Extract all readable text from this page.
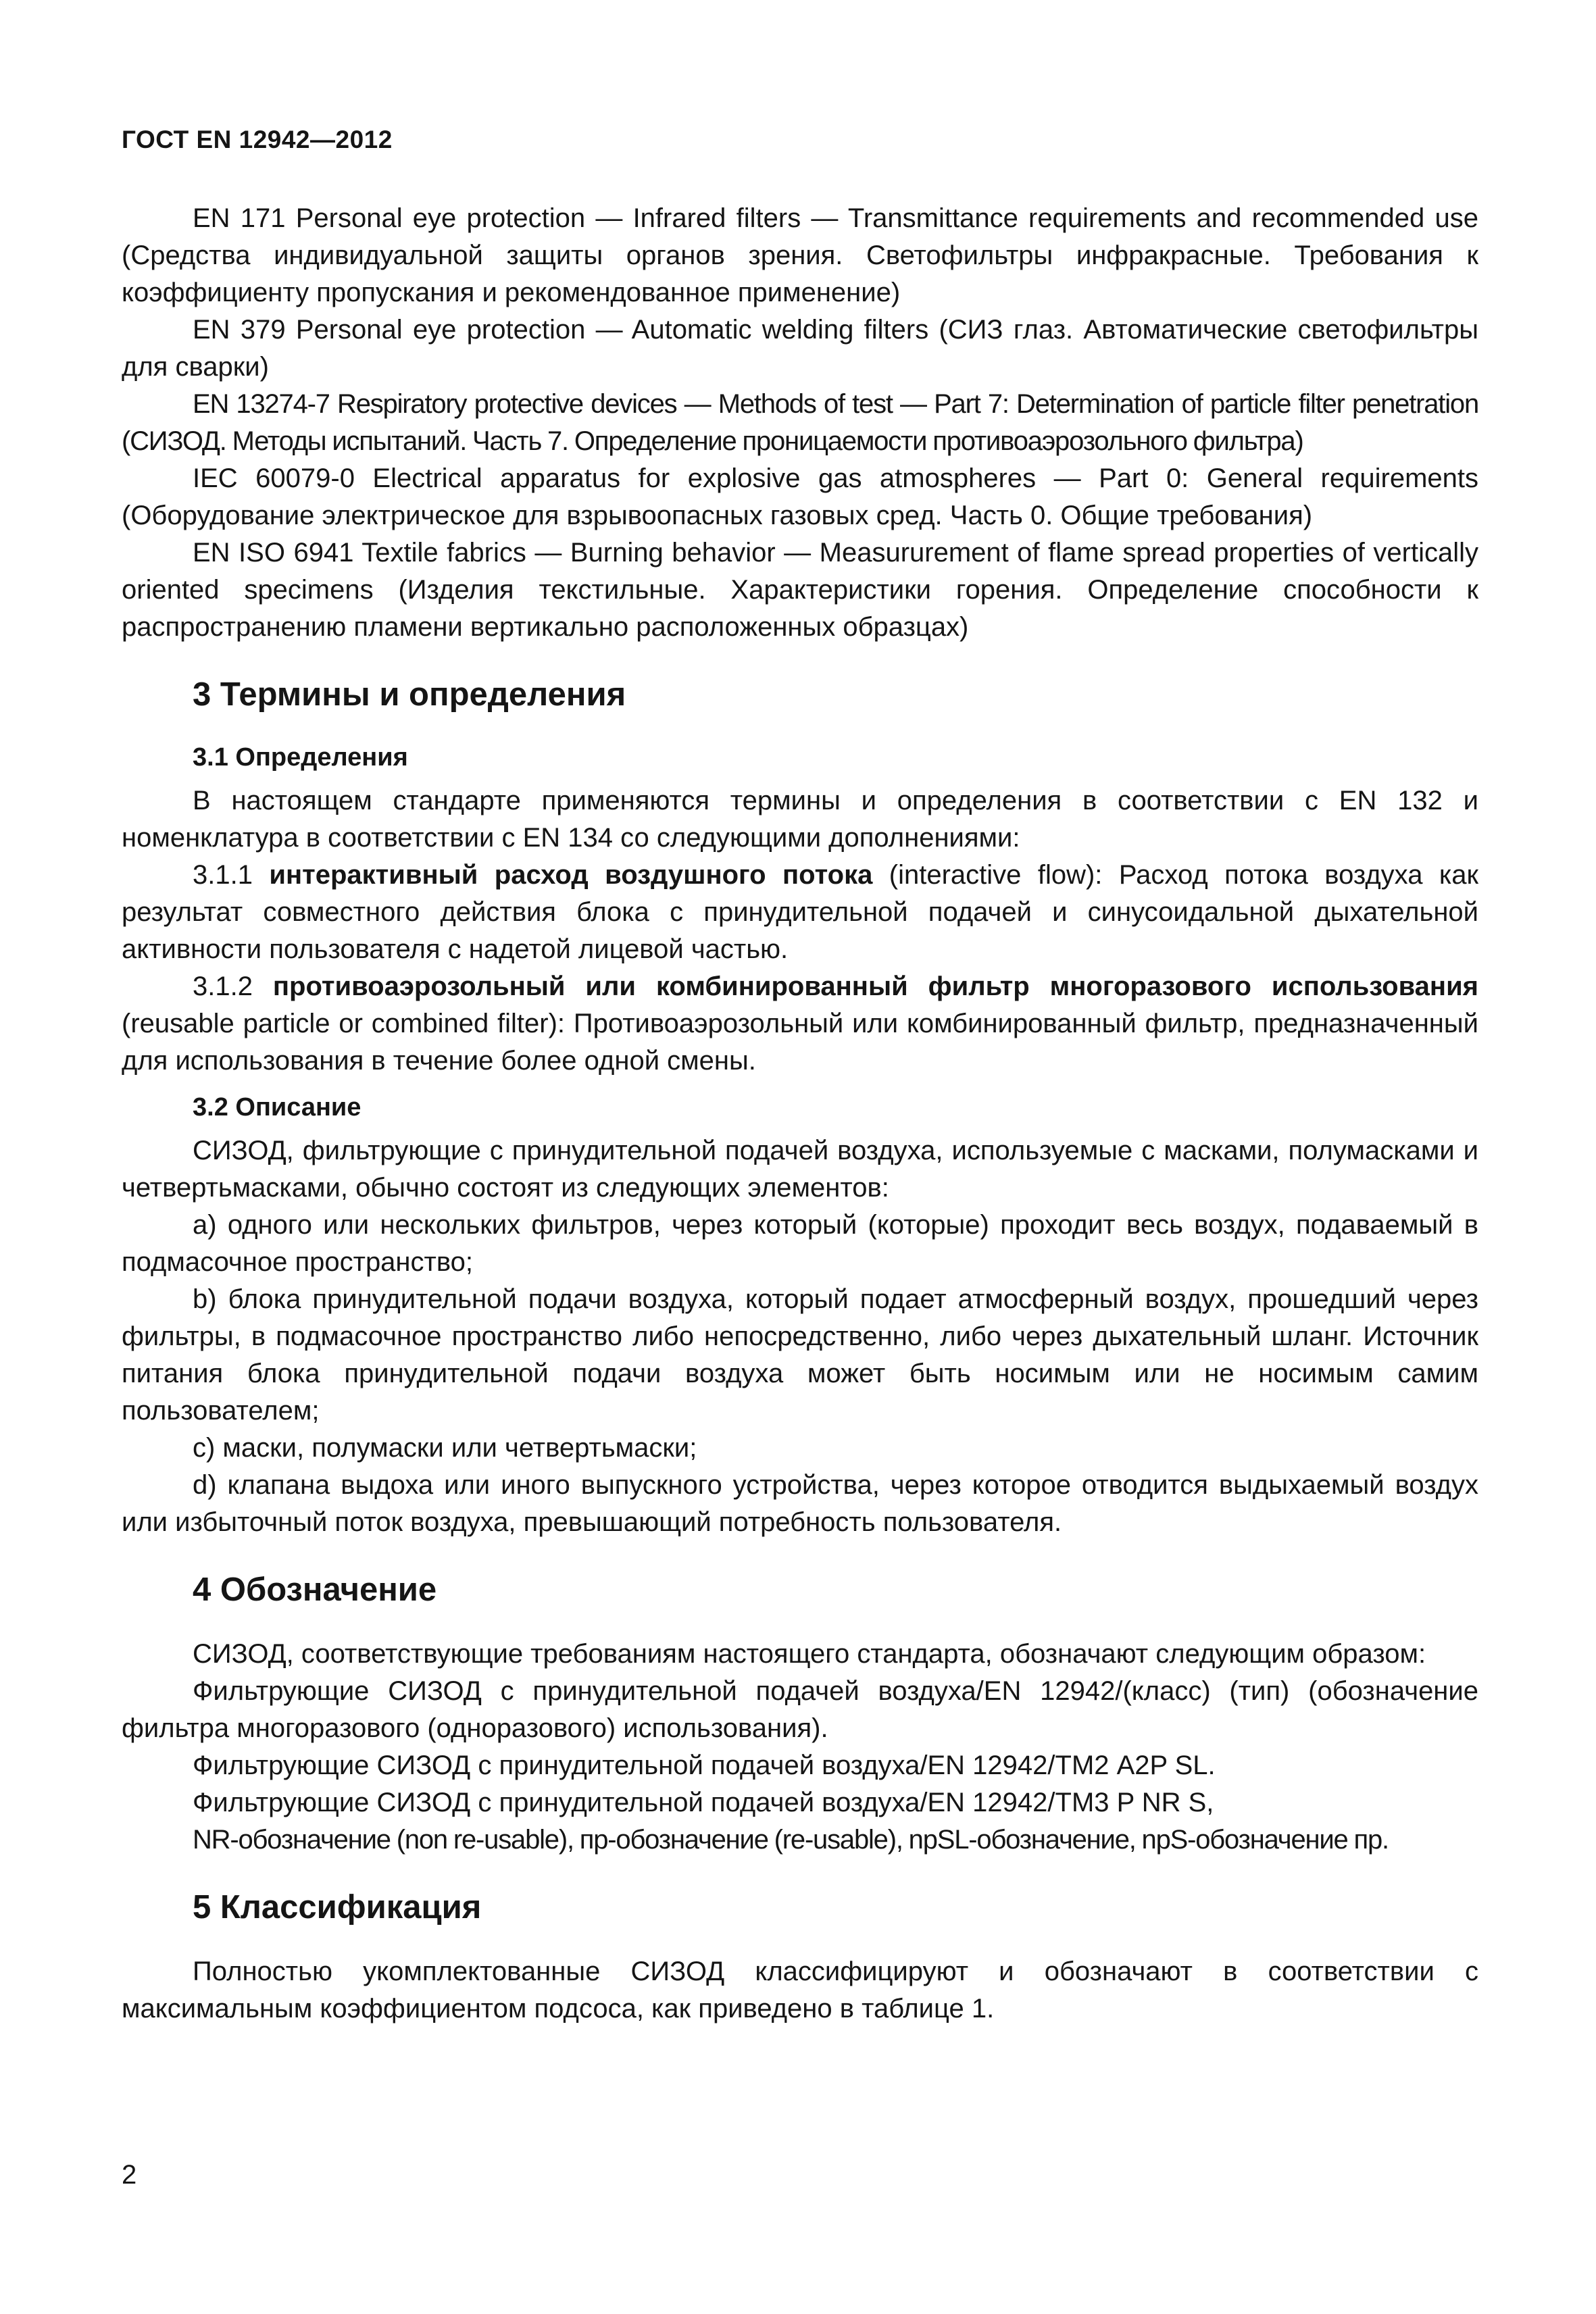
ГОСТ EN 12942—2012

EN 171 Personal eye protection — Infrared filters — Transmittance requirements and recommended use (Средства индивидуальной защиты органов зрения. Светофильтры инфракрасные. Требования к коэффициенту пропускания и рекомендованное применение)

EN 379 Personal eye protection — Automatic welding filters (СИЗ глаз. Автоматические светофильтры для сварки)

EN 13274-7 Respiratory protective devices — Methods of test — Part 7: Determination of particle filter penetration (СИЗОД. Методы испытаний. Часть 7. Определение проницаемости противоаэрозольного фильтра)

IEC 60079-0 Electrical apparatus for explosive gas atmospheres — Part 0: General requirements (Оборудование электрическое для взрывоопасных газовых сред. Часть 0. Общие требования)

EN ISO 6941 Textile fabrics — Burning behavior — Measururement of flame spread properties of vertically oriented specimens (Изделия текстильные. Характеристики горения. Определение способности к распространению пламени вертикально расположенных образцах)

3 Термины и определения
3.1 Определения

В настоящем стандарте применяются термины и определения в соответствии с EN 132 и номенклатура в соответствии с EN 134 со следующими дополнениями:

3.1.1 интерактивный расход воздушного потока (interactive flow): Расход потока воздуха как результат совместного действия блока с принудительной подачей и синусоидальной дыхательной активности пользователя с надетой лицевой частью.

3.1.2 противоаэрозольный или комбинированный фильтр многоразового использования (reusable particle or combined filter): Противоаэрозольный или комбинированный фильтр, предназначенный для использования в течение более одной смены.

3.2 Описание

СИЗОД, фильтрующие с принудительной подачей воздуха, используемые с масками, полумасками и четвертьмасками, обычно состоят из следующих элементов:

a) одного или нескольких фильтров, через который (которые) проходит весь воздух, подаваемый в подмасочное пространство;

b) блока принудительной подачи воздуха, который подает атмосферный воздух, прошедший через фильтры, в подмасочное пространство либо непосредственно, либо через дыхательный шланг. Источник питания блока принудительной подачи воздуха может быть носимым или не носимым самим пользователем;

c) маски, полумаски или четвертьмаски;

d) клапана выдоха или иного выпускного устройства, через которое отводится выдыхаемый воздух или избыточный поток воздуха, превышающий потребность пользователя.

4 Обозначение

СИЗОД, соответствующие требованиям настоящего стандарта, обозначают следующим образом:

Фильтрующие СИЗОД с принудительной подачей воздуха/EN 12942/(класс) (тип) (обозначение фильтра многоразового (одноразового) использования).

Фильтрующие СИЗОД с принудительной подачей воздуха/EN 12942/ТМ2 A2P SL.

Фильтрующие СИЗОД с принудительной подачей воздуха/EN 12942/ТМ3 P NR S,

NR-обозначение (non re-usable), пр-обозначение (re-usable), npSL-обозначение, npS-обозначение пр.

5 Классификация

Полностью укомплектованные СИЗОД классифицируют и обозначают в соответствии с максимальным коэффициентом подсоса, как приведено в таблице 1.

2
